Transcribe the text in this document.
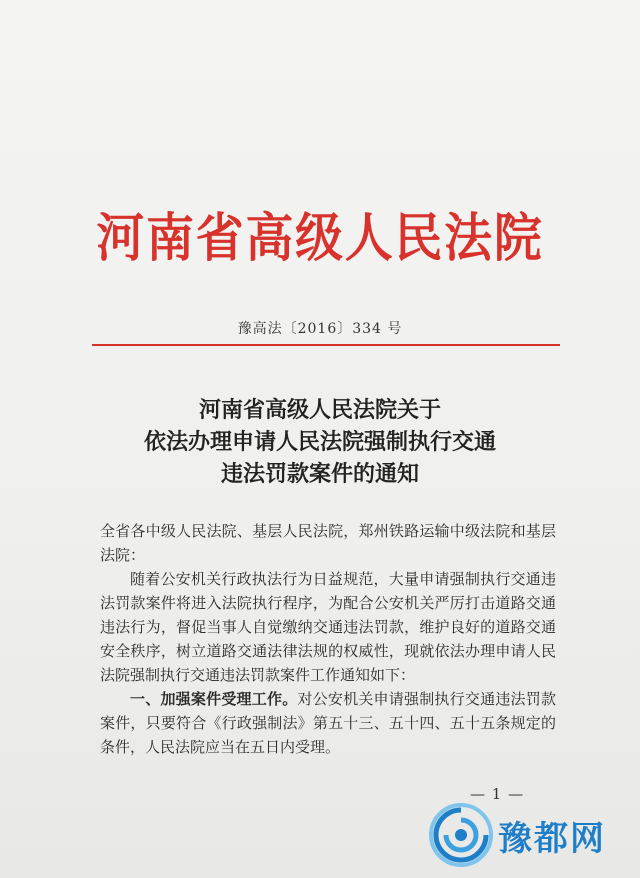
河南省高级人民法院
豫高法〔2016〕334 号
河南省高级人民法院关于
依法办理申请人民法院强制执行交通
违法罚款案件的通知

全省各中级人民法院、基层人民法院，郑州铁路运输中级法院和基层法院：

随着公安机关行政执法行为日益规范，大量申请强制执行交通违法罚款案件将进入法院执行程序，为配合公安机关严厉打击道路交通违法行为，督促当事人自觉缴纳交通违法罚款，维护良好的道路交通安全秩序，树立道路交通法律法规的权威性，现就依法办理申请人民法院强制执行交通违法罚款案件工作通知如下：

一、加强案件受理工作。对公安机关申请强制执行交通违法罚款案件，只要符合《行政强制法》第五十三、五十四、五十五条规定的条件，人民法院应当在五日内受理。

— 1 —
豫都网
